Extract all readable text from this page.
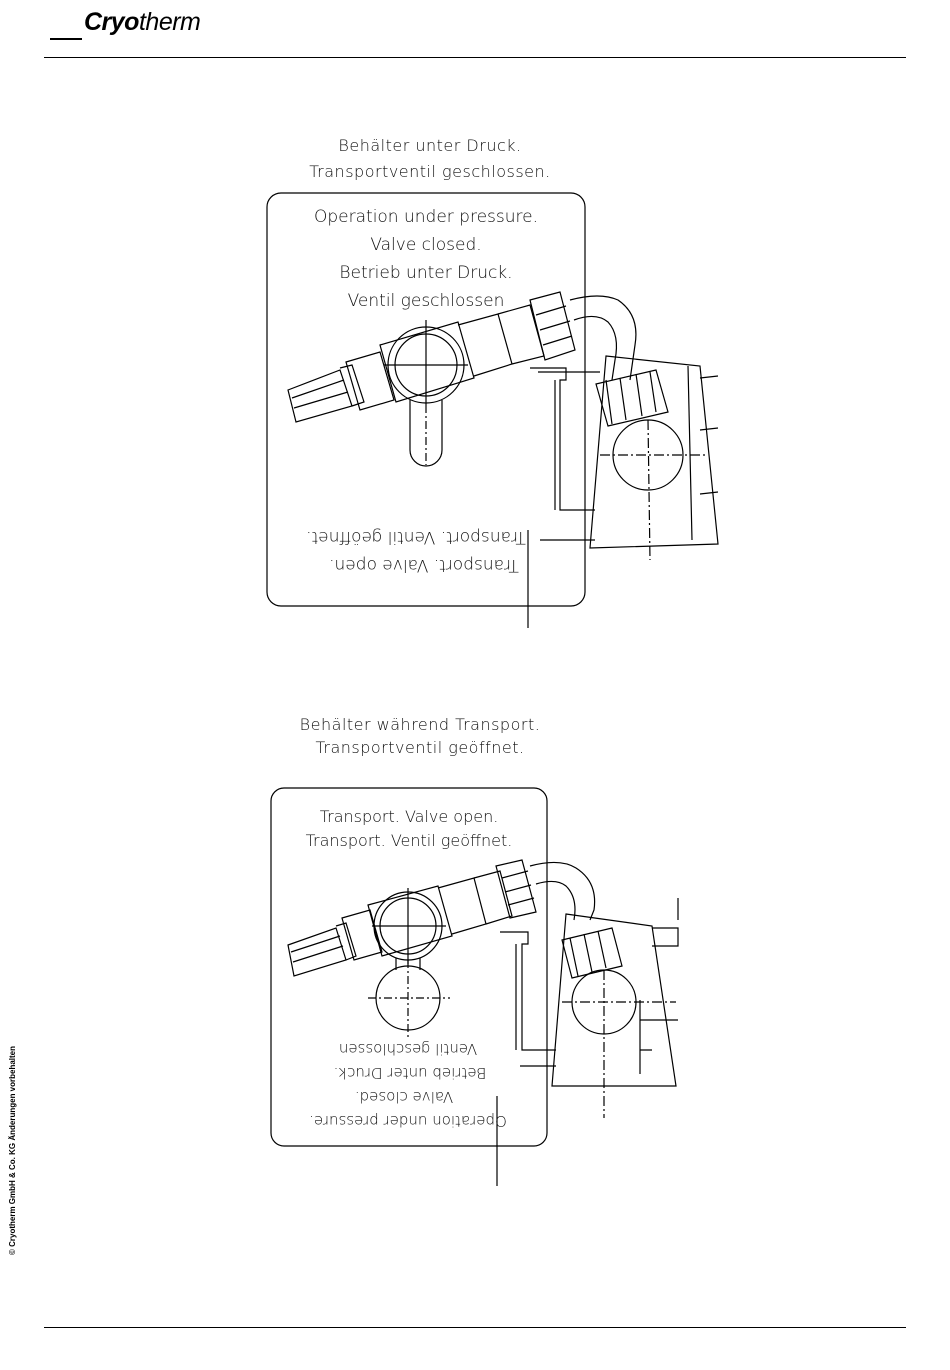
Cryotherm
Behälter unter Druck.
Transportventil geschlossen.
Operation under pressure.
Valve closed.
Betrieb unter Druck.
Ventil geschlossen
Transport. Ventil geöffnet.
Transport. Valve open.
Behälter während Transport.
Transportventil geöffnet.
Transport. Valve open.
Transport. Ventil geöffnet.
Ventil geschlossen
Betrieb unter Druck.
Valve closed.
Operation under pressure.
© Cryotherm GmbH & Co. KG Änderungen vorbehalten
